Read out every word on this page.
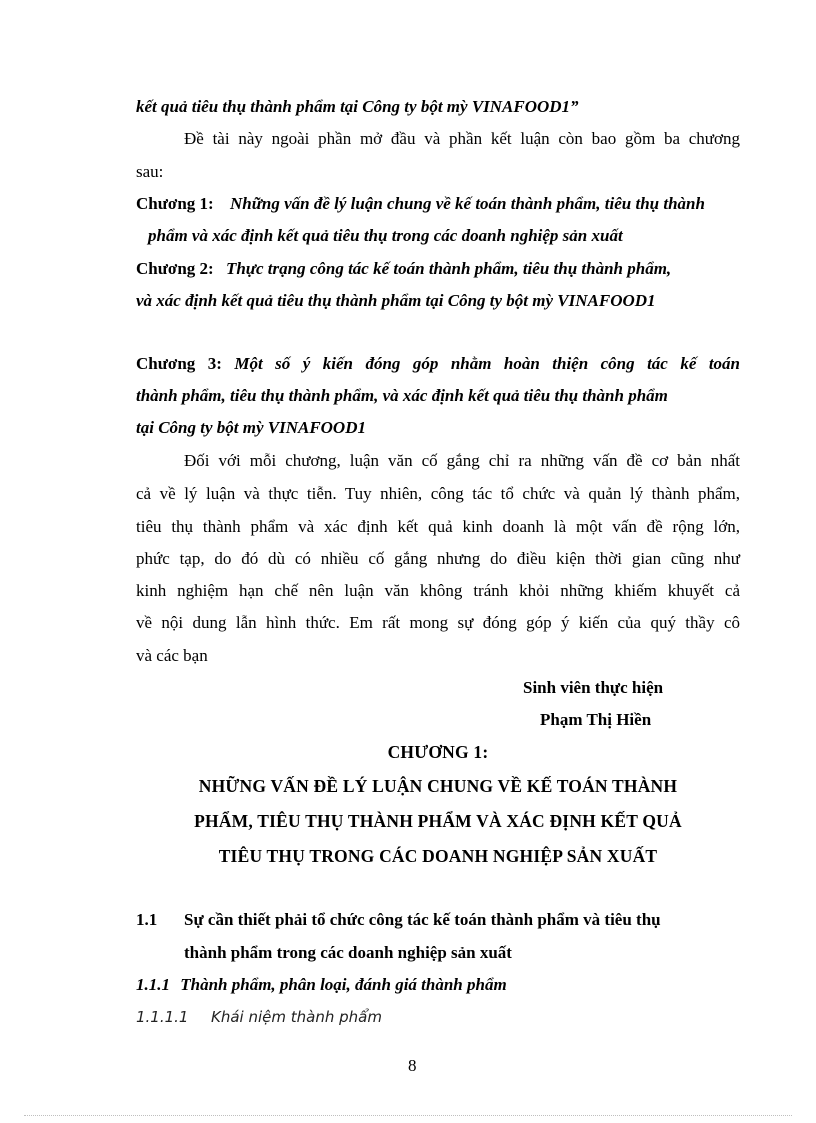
kết quả tiêu thụ thành phẩm tại Công ty bột mỳ VINAFOOD1”
Đề tài này ngoài phần mở đầu và phần kết luận còn bao gồm ba chương
sau:
Chương 1: Những vấn đề lý luận chung về kế toán thành phẩm, tiêu thụ thành
phẩm và xác định kết quả tiêu thụ trong các doanh nghiệp sản xuất
Chương 2: Thực trạng công tác kế toán thành phẩm, tiêu thụ thành phẩm,
và xác định kết quả tiêu thụ thành phẩm tại Công ty bột mỳ VINAFOOD1
Chương 3: Một số ý kiến đóng góp nhằm hoàn thiện công tác kế toán
thành phẩm, tiêu thụ thành phẩm, và xác định kết quả tiêu thụ thành phẩm
tại Công ty bột mỳ VINAFOOD1
Đối với mỗi chương, luận văn cố gắng chỉ ra những vấn đề cơ bản nhất
cả về lý luận và thực tiễn. Tuy nhiên, công tác tổ chức và quản lý thành phẩm,
tiêu thụ thành phẩm và xác định kết quả kinh doanh là một vấn đề rộng lớn,
phức tạp, do đó dù có nhiều cố gắng nhưng do điều kiện thời gian cũng như
kinh nghiệm hạn chế nên luận văn không tránh khỏi những khiếm khuyết cả
về nội dung lẫn hình thức. Em rất mong sự đóng góp ý kiến của quý thầy cô
và các bạn
Sinh viên thực hiện
Phạm Thị Hiền
CHƯƠNG 1:
NHỮNG VẤN ĐỀ LÝ LUẬN CHUNG VỀ KẾ TOÁN THÀNH
PHẨM, TIÊU THỤ THÀNH PHẨM VÀ XÁC ĐỊNH KẾT QUẢ
TIÊU THỤ TRONG CÁC DOANH NGHIỆP SẢN XUẤT
1.1 Sự cần thiết phải tổ chức công tác kế toán thành phẩm và tiêu thụ
thành phẩm trong các doanh nghiệp sản xuất
1.1.1 Thành phẩm, phân loại, đánh giá thành phẩm
1.1.1.1 Khái niệm thành phẩm
8
